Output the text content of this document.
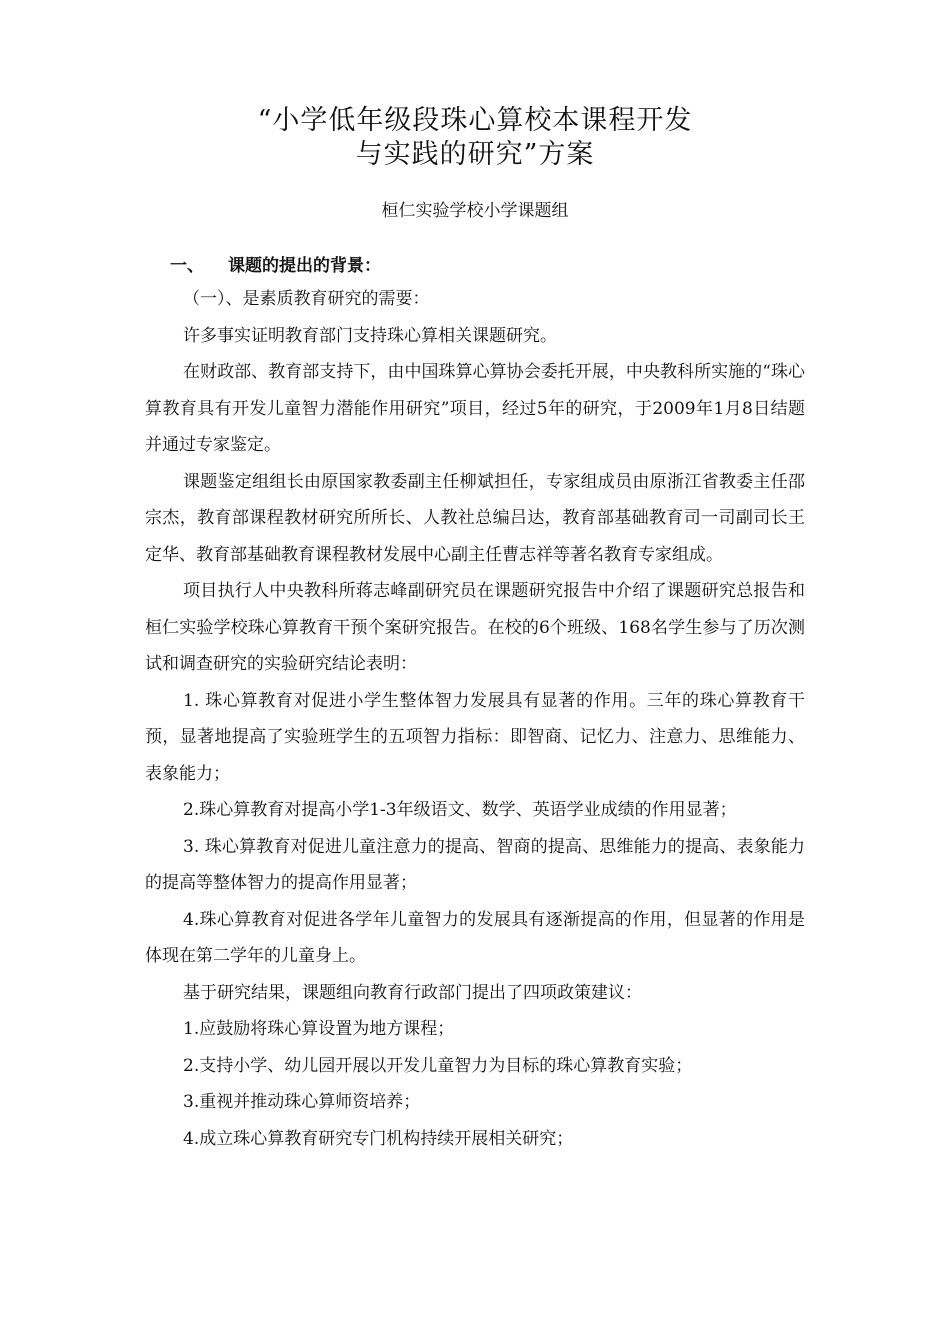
“小学低年级段珠心算校本课程开发
与实践的研究”方案
桓仁实验学校小学课题组
一、 课题的提出的背景：

（一）、是素质教育研究的需要：

许多事实证明教育部门支持珠心算相关课题研究。

在财政部、教育部支持下，由中国珠算心算协会委托开展，中央教科所实施的“珠心算教育具有开发儿童智力潜能作用研究”项目，经过5年的研究，于2009年1月8日结题并通过专家鉴定。

课题鉴定组组长由原国家教委副主任柳斌担任，专家组成员由原浙江省教委主任邵宗杰，教育部课程教材研究所所长、人教社总编吕达，教育部基础教育司一司副司长王定华、教育部基础教育课程教材发展中心副主任曹志祥等著名教育专家组成。

项目执行人中央教科所蒋志峰副研究员在课题研究报告中介绍了课题研究总报告和桓仁实验学校珠心算教育干预个案研究报告。在校的6个班级、168名学生参与了历次测试和调查研究的实验研究结论表明：

1. 珠心算教育对促进小学生整体智力发展具有显著的作用。三年的珠心算教育干预，显著地提高了实验班学生的五项智力指标：即智商、记忆力、注意力、思维能力、表象能力；

2.珠心算教育对提高小学1-3年级语文、数学、英语学业成绩的作用显著；

3. 珠心算教育对促进儿童注意力的提高、智商的提高、思维能力的提高、表象能力的提高等整体智力的提高作用显著；

4.珠心算教育对促进各学年儿童智力的发展具有逐渐提高的作用，但显著的作用是体现在第二学年的儿童身上。

基于研究结果，课题组向教育行政部门提出了四项政策建议：

1.应鼓励将珠心算设置为地方课程；

2.支持小学、幼儿园开展以开发儿童智力为目标的珠心算教育实验；

3.重视并推动珠心算师资培养；

4.成立珠心算教育研究专门机构持续开展相关研究；
